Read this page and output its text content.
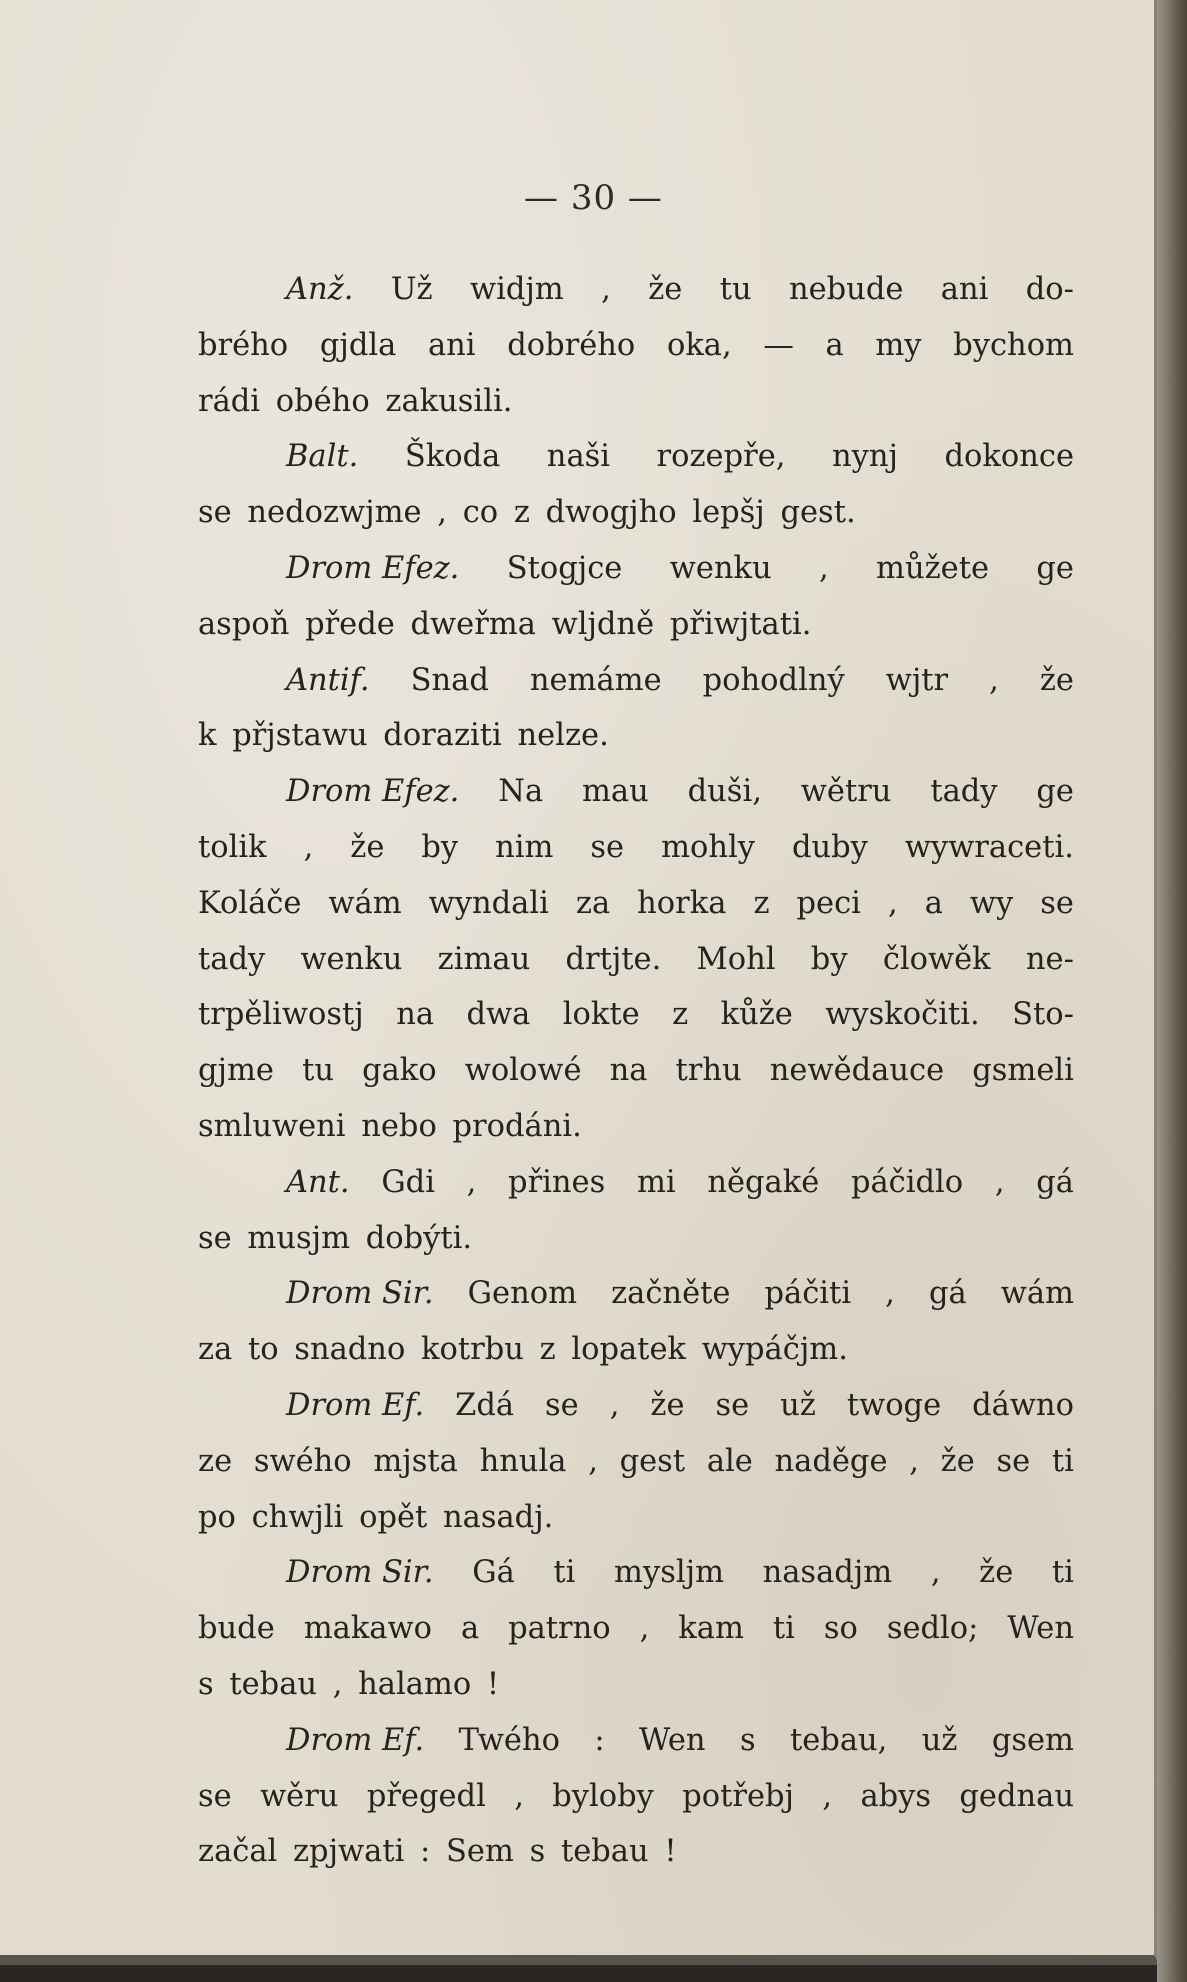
— 30 —
Anž. Už widjm , že tu nebude ani do-
brého gjdla ani dobrého oka, — a my bychom
rádi
obého
zakusili.
Balt. Škoda naši rozepře, nynj dokonce
se
nedozwjme
,
co
z
dwogjho
lepšj
gest.
Drom Efez. Stogjce wenku , můžete ge
aspoň
přede
dweřma
wljdně
přiwjtati.
Antif. Snad nemáme pohodlný wjtr , že
k
přjstawu
doraziti
nelze.
Drom Efez. Na mau duši, wětru tady ge
tolik , že by nim se mohly duby wywraceti.
Koláče wám wyndali za horka z peci , a wy se
tady wenku zimau drtjte. Mohl by člowěk ne-
trpěliwostj na dwa lokte z kůže wyskočiti. Sto-
gjme tu gako wolowé na trhu newědauce gsmeli
smluweni
nebo
prodáni.
Ant. Gdi , přines mi něgaké páčidlo , gá
se
musjm
dobýti.
Drom Sir. Genom začněte páčiti , gá wám
za
to
snadno
kotrbu
z
lopatek
wypáčjm.
Drom Ef. Zdá se , že se už twoge dáwno
ze swého mjsta hnula , gest ale naděge , že se ti
po
chwjli
opět
nasadj.
Drom Sir. Gá ti mysljm nasadjm , že ti
bude makawo a patrno , kam ti so sedlo; Wen
s
tebau
,
halamo
!
Drom Ef. Twého : Wen s tebau, už gsem
se wěru přegedl , byloby potřebj , abys gednau
začal
zpjwati
:
Sem
s
tebau
!
